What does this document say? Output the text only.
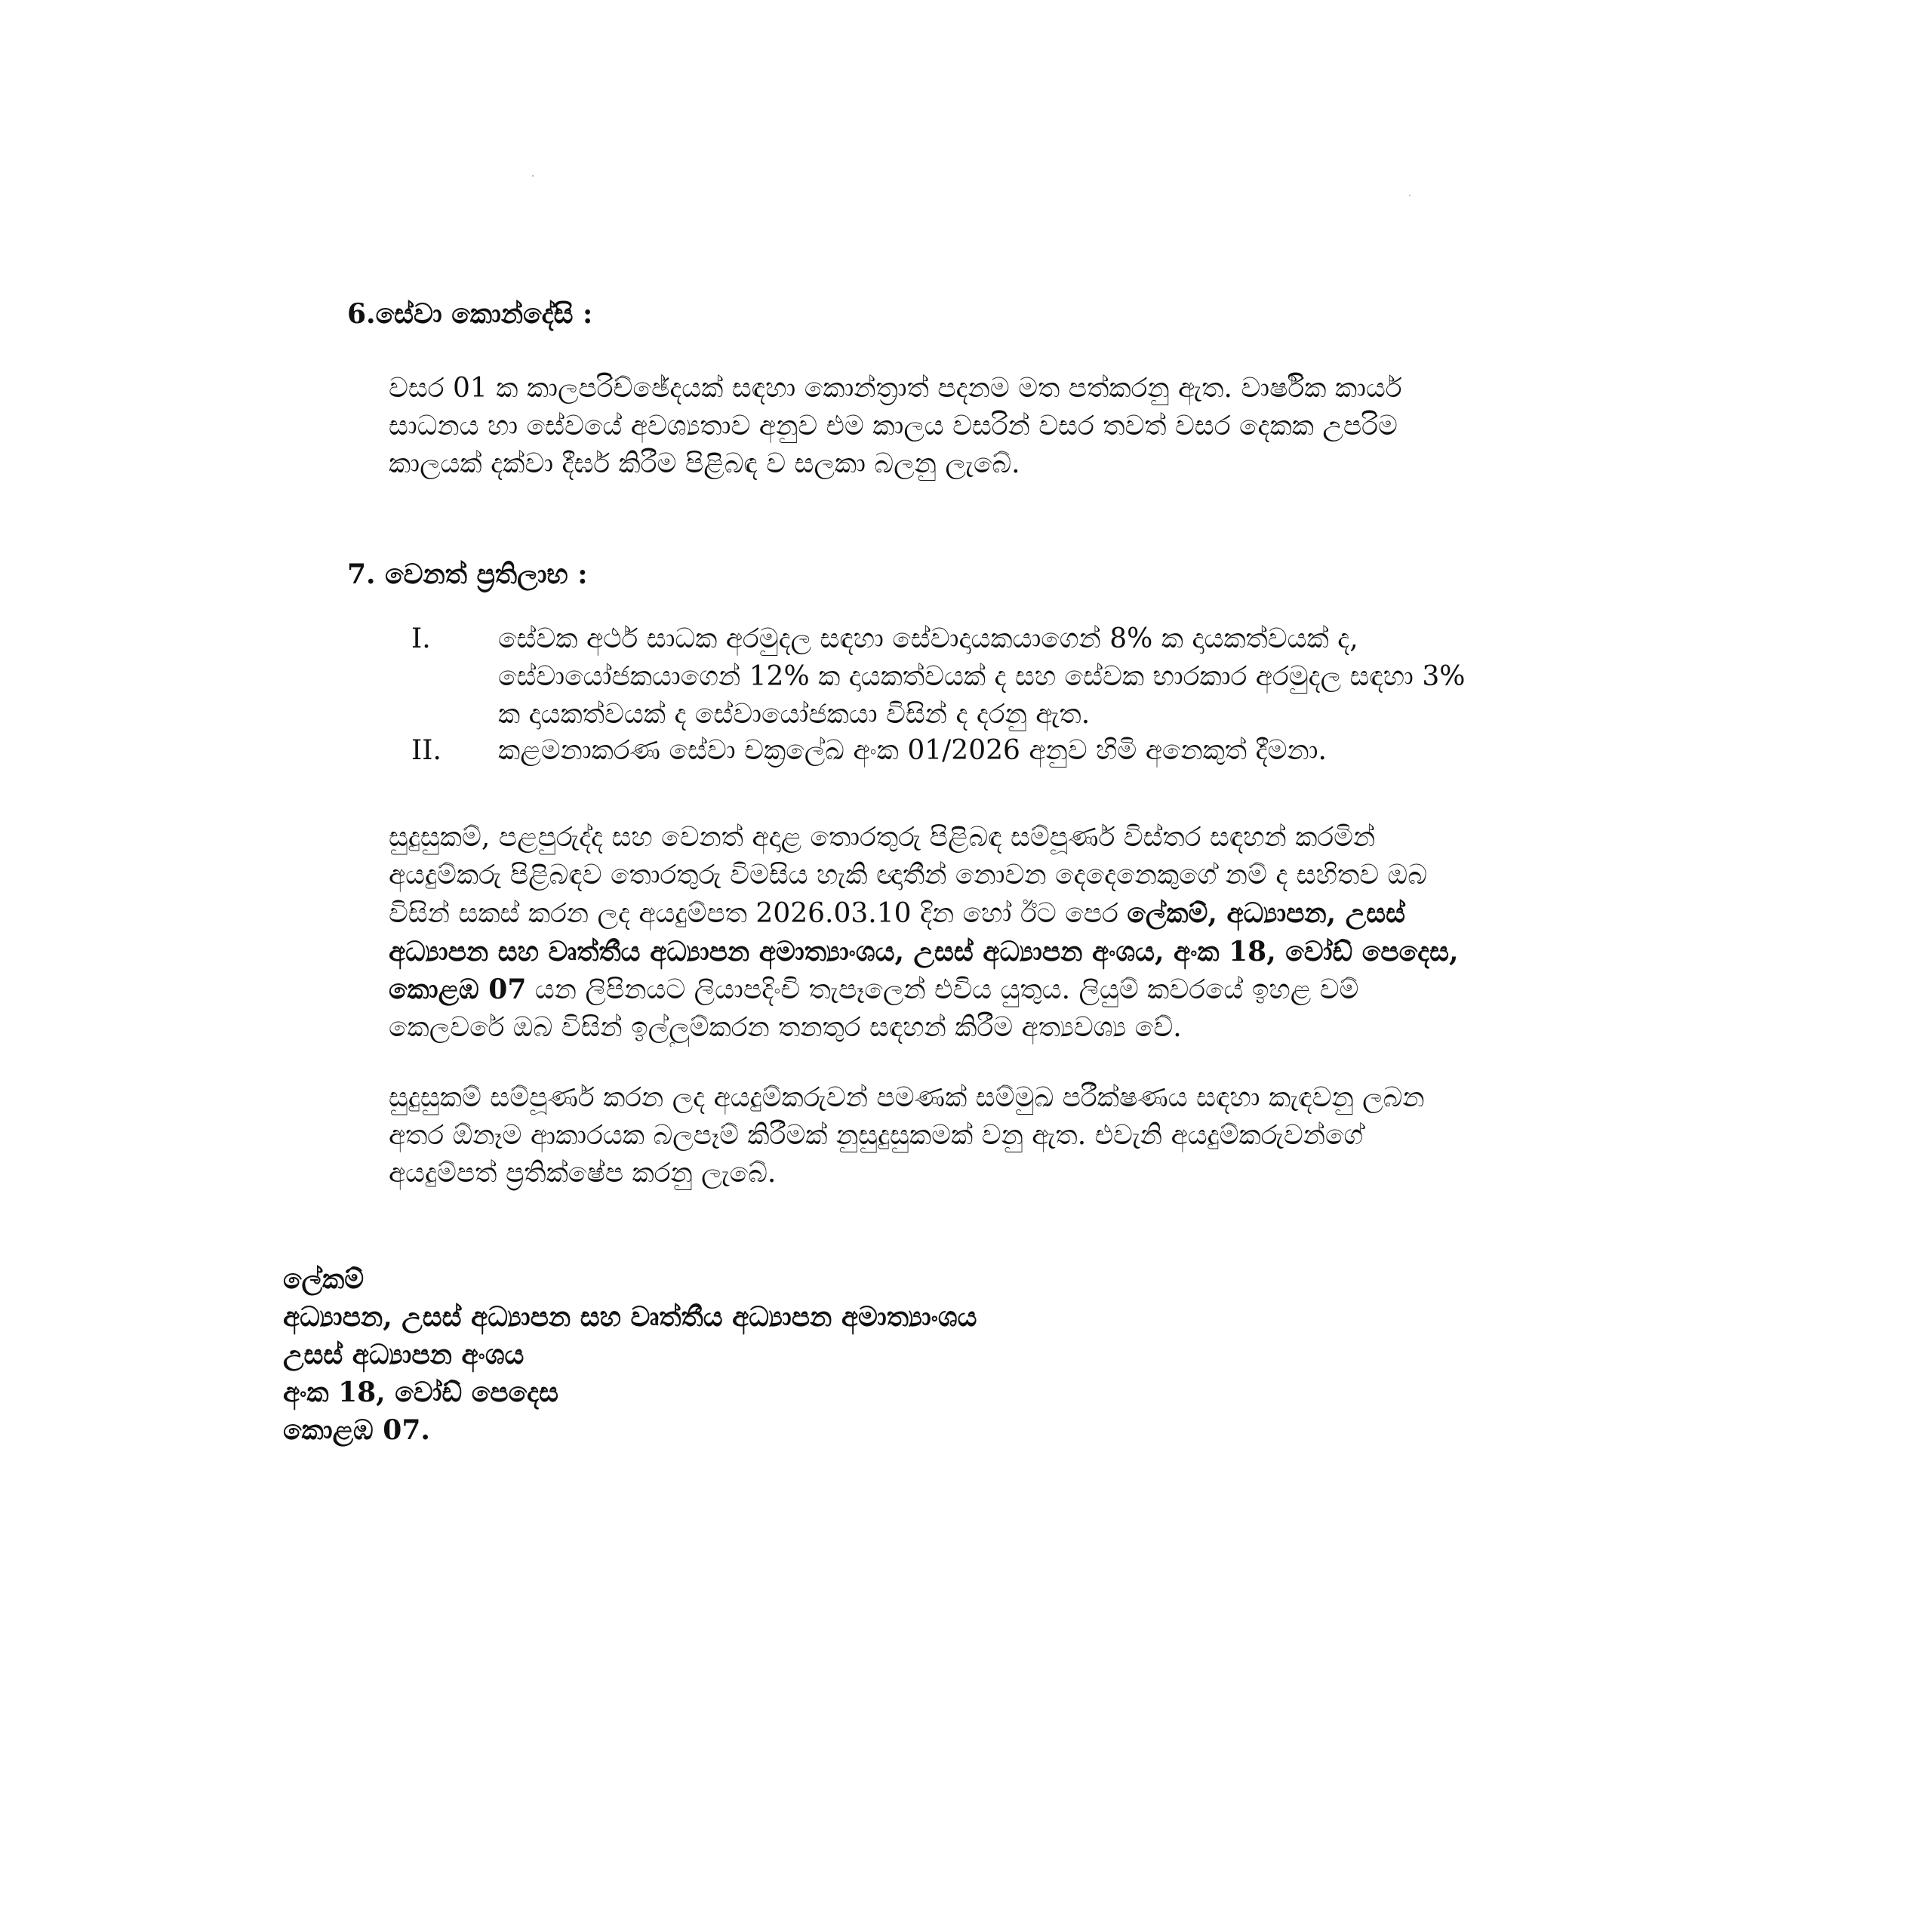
6.සේවා කොන්දේසි :
වසර 01 ක කාලපරිච්ඡේදයක් සඳහා කොන්ත්‍රාත් පදනම මත පත්කරනු ඇත. වාර්ෂික කාර්ය
සාධනය හා සේවයේ අවශ්‍යතාව අනුව එම කාලය වසරින් වසර තවත් වසර දෙකක උපරිම
කාලයක් දක්වා දීර්ඝ කිරීම පිළිබඳ ව සලකා බලනු ලැබේ.
7. වෙනත් ප්‍රතිලාභ :
I.	සේවක අර්ථ සාධක අරමුදල සඳහා සේවාදායකයාගෙන් 8% ක දායකත්වයක් ද,
සේවායෝජකයාගෙන් 12% ක දායකත්වයක් ද සහ සේවක භාරකාර අරමුදල සඳහා 3%
ක දායකත්වයක් ද සේවායෝජකයා විසින් ද දරනු ඇත.
II.	කළමනාකරණ සේවා චක්‍රලේඛ අංක 01/2026 අනුව හිමි අනෙකුත් දීමනා.
සුදුසුකම්, පළපුරුද්ද සහ වෙනත් අදාළ තොරතුරු පිළිබඳ සම්පූර්ණ විස්තර සඳහන් කරමින්
අයදුම්කරු පිළිබඳව තොරතුරු විමසිය හැකි ඥාතීන් නොවන දෙදෙනෙකුගේ නම් ද සහිතව ඔබ
විසින් සකස් කරන ලද අයදුම්පත 2026.03.10 දින හෝ ඊට පෙර ලේකම්, අධ්‍යාපන, උසස්
අධ්‍යාපන සහ වෘත්තීය අධ්‍යාපන අමාත්‍යාංශය, උසස් අධ්‍යාපන අංශය, අංක 18, වෝඩ් පෙදෙස,
කොළඹ 07 යන ලිපිනයට ලියාපදිංචි තැපෑලෙන් එවිය යුතුය. ලියුම් කවරයේ ඉහළ වම්
කෙලවරේ ඔබ විසින් ඉල්ලුම්කරන තනතුර සඳහන් කිරීම අත්‍යවශ්‍ය වේ.
සුදුසුකම් සම්පූර්ණ කරන ලද අයදුම්කරුවන් පමණක් සම්මුඛ පරීක්ෂණය සඳහා කැඳවනු ලබන
අතර ඕනෑම ආකාරයක බලපෑම් කිරීමක් නුසුදුසුකමක් වනු ඇත. එවැනි අයදුම්කරුවන්ගේ
අයදුම්පත් ප්‍රතික්ෂේප කරනු ලැබේ.
ලේකම්
අධ්‍යාපන, උසස් අධ්‍යාපන සහ වෘත්තීය අධ්‍යාපන අමාත්‍යාංශය
උසස් අධ්‍යාපන අංශය
අංක 18, වෝඩ් පෙදෙස
කොළඹ 07.
